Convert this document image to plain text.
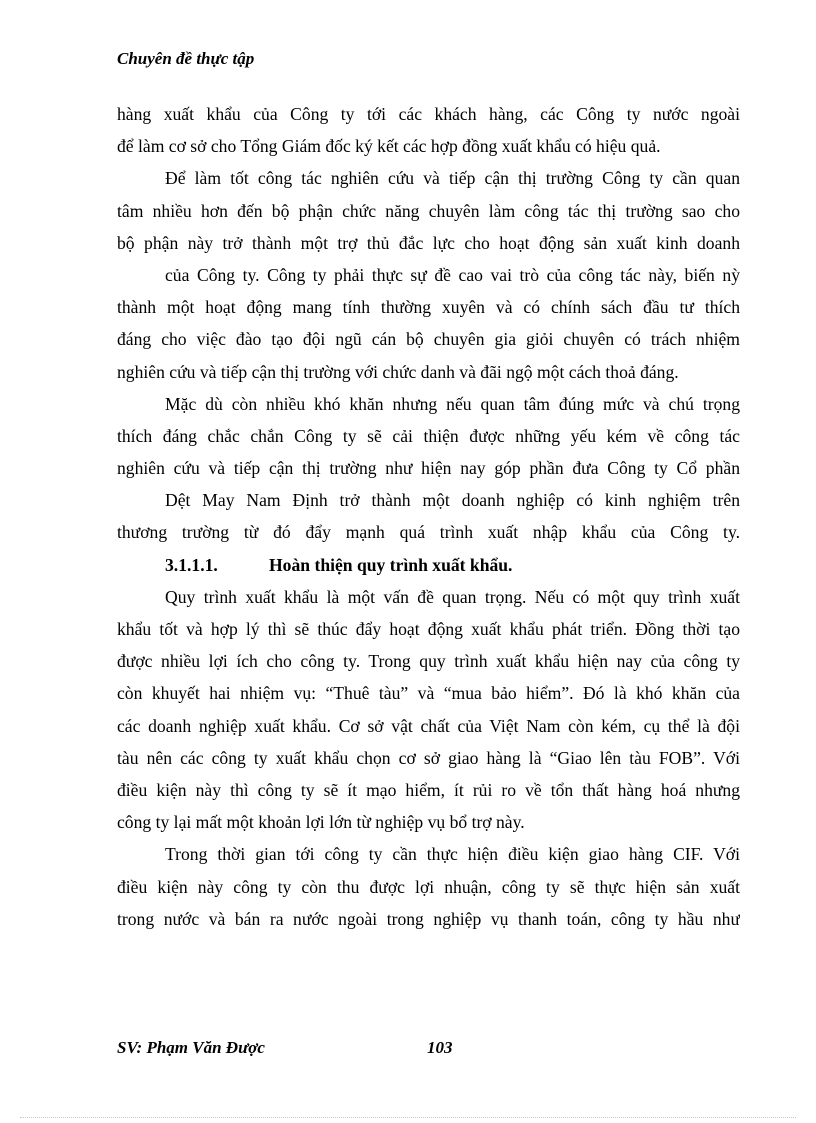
Chuyên đề thực tập
hàng xuất khẩu của Công ty tới các khách hàng, các Công ty nước ngoài
để làm cơ sở cho Tổng Giám đốc ký kết các hợp đồng xuất khẩu có hiệu quả.
Để làm tốt công tác nghiên cứu và tiếp cận thị trường Công ty cần quan
tâm nhiều hơn đến bộ phận chức năng chuyên làm công tác thị trường sao cho
bộ phận này trở thành một trợ thủ đắc lực cho hoạt động sản xuất kinh doanh
của Công ty. Công ty phải thực sự đề cao vai trò của công tác này, biến nỳ
thành một hoạt động mang tính thường xuyên và có chính sách đầu tư thích
đáng cho việc đào tạo đội ngũ cán bộ chuyên gia giỏi chuyên có trách nhiệm
nghiên cứu và tiếp cận thị trường với chức danh và đãi ngộ một cách thoả đáng.
Mặc dù còn nhiều khó khăn nhưng nếu quan tâm đúng mức và chú trọng
thích đáng chắc chắn Công ty sẽ cải thiện được những yếu kém về công tác
nghiên cứu và tiếp cận thị trường như hiện nay góp phần đưa Công ty Cổ phần
Dệt May Nam Định trở thành một doanh nghiệp có kinh nghiệm trên
thương trường từ đó đẩy mạnh quá trình xuất nhập khẩu của Công ty.
3.1.1.1.	Hoàn thiện quy trình xuất khẩu.
Quy trình xuất khẩu là một vấn đề quan trọng. Nếu có một quy trình xuất
khẩu tốt và hợp lý thì sẽ thúc đẩy hoạt động xuất khẩu phát triển. Đồng thời tạo
được nhiều lợi ích cho công ty. Trong quy trình xuất khẩu hiện nay của công ty
còn khuyết hai nhiệm vụ: “Thuê tàu” và “mua bảo hiểm”. Đó là khó khăn của
các doanh nghiệp xuất khẩu. Cơ sở vật chất của Việt Nam còn kém, cụ thể là đội
tàu nên các công ty xuất khẩu chọn cơ sở giao hàng là “Giao lên tàu FOB”. Với
điều kiện này thì công ty sẽ ít mạo hiểm, ít rủi ro về tổn thất hàng hoá nhưng
công ty lại mất một khoản lợi lớn từ nghiệp vụ bổ trợ này.
Trong thời gian tới công ty cần thực hiện điều kiện giao hàng CIF. Với
điều kiện này công ty còn thu được lợi nhuận, công ty sẽ thực hiện sản xuất
trong nước và bán ra nước ngoài trong nghiệp vụ thanh toán, công ty hầu như
SV: Phạm Văn Được	103
